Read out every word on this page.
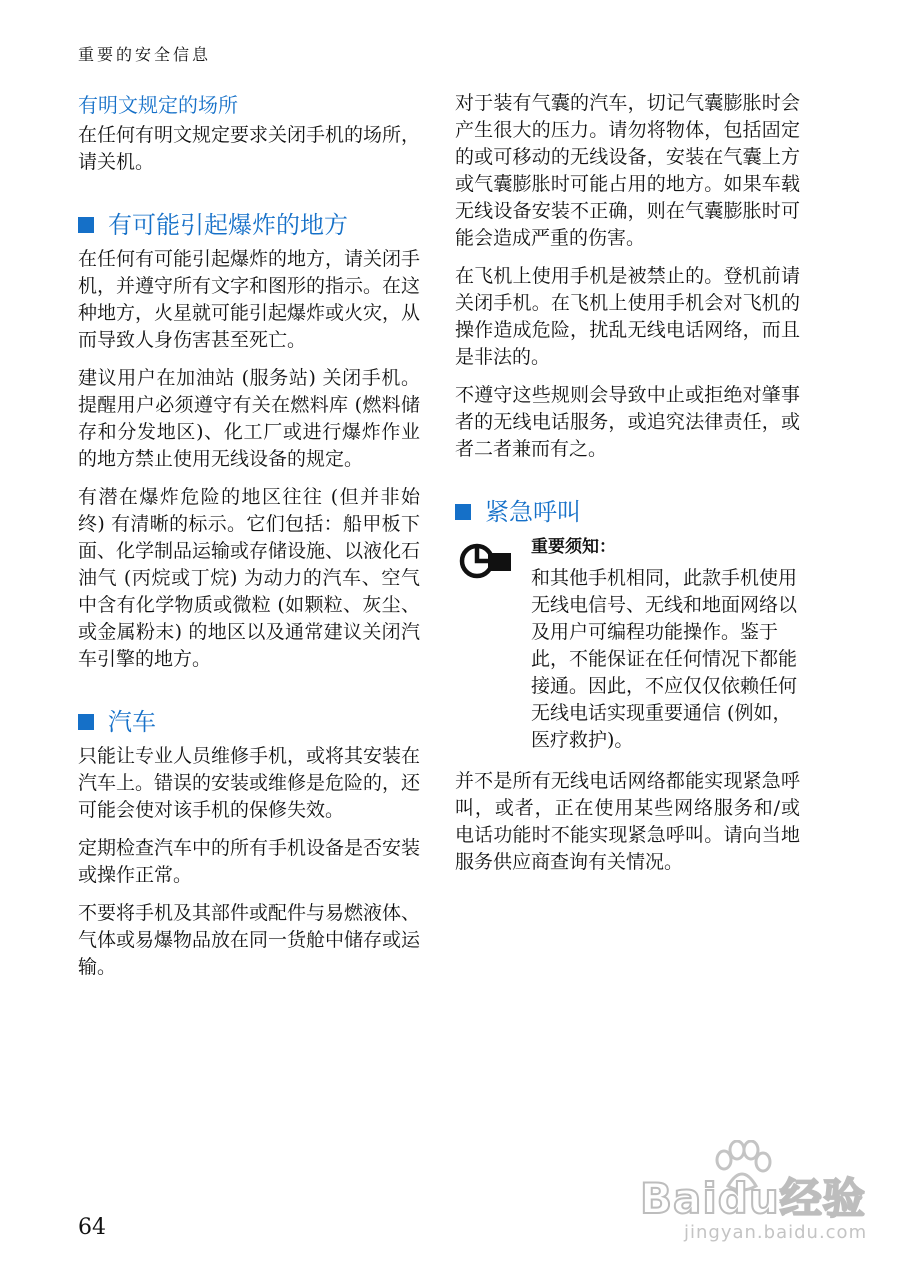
重要的安全信息
有明文规定的场所

在任何有明文规定要求关闭手机的场所，请关机。

有可能引起爆炸的地方

在任何有可能引起爆炸的地方，请关闭手机，并遵守所有文字和图形的指示。在这种地方，火星就可能引起爆炸或火灾，从而导致人身伤害甚至死亡。

建议用户在加油站 (服务站) 关闭手机。提醒用户必须遵守有关在燃料库 (燃料储存和分发地区)、化工厂或进行爆炸作业的地方禁止使用无线设备的规定。

有潜在爆炸危险的地区往往 (但并非始终) 有清晰的标示。它们包括：船甲板下面、化学制品运输或存储设施、以液化石油气 (丙烷或丁烷) 为动力的汽车、空气中含有化学物质或微粒 (如颗粒、灰尘、或金属粉末) 的地区以及通常建议关闭汽车引擎的地方。

汽车

只能让专业人员维修手机，或将其安装在汽车上。错误的安装或维修是危险的，还可能会使对该手机的保修失效。

定期检查汽车中的所有手机设备是否安装或操作正常。

不要将手机及其部件或配件与易燃液体、气体或易爆物品放在同一货舱中储存或运输。

对于装有气囊的汽车，切记气囊膨胀时会产生很大的压力。请勿将物体，包括固定的或可移动的无线设备，安装在气囊上方或气囊膨胀时可能占用的地方。如果车载无线设备安装不正确，则在气囊膨胀时可能会造成严重的伤害。

在飞机上使用手机是被禁止的。登机前请关闭手机。在飞机上使用手机会对飞机的操作造成危险，扰乱无线电话网络，而且是非法的。

不遵守这些规则会导致中止或拒绝对肇事者的无线电话服务，或追究法律责任，或者二者兼而有之。

紧急呼叫
重要须知：

和其他手机相同，此款手机使用无线电信号、无线和地面网络以及用户可编程功能操作。鉴于此，不能保证在任何情况下都能接通。因此，不应仅仅依赖任何无线电话实现重要通信 (例如，医疗救护)。

并不是所有无线电话网络都能实现紧急呼叫，或者，正在使用某些网络服务和/或电话功能时不能实现紧急呼叫。请向当地服务供应商查询有关情况。

64
Baidu经验
jingyan.baidu.com
